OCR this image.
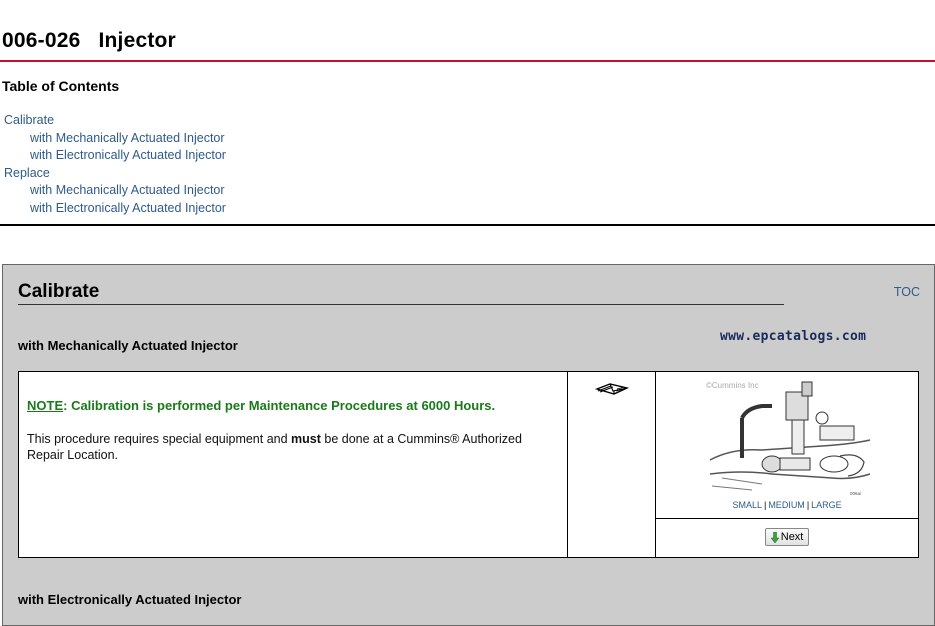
006-026 Injector
Table of Contents
Calibrate
with Mechanically Actuated Injector
with Electronically Actuated Injector
Replace
with Mechanically Actuated Injector
with Electronically Actuated Injector
Calibrate	TOC
with Mechanically Actuated Injector

NOTE: Calibration is performed per Maintenance Procedures at 6000 Hours.

This procedure requires special equipment and must be done at a Cummins® Authorized Repair Location.

©Cummins Inc
006ai
SMALL | MEDIUM | LARGE

Next
with Electronically Actuated Injector
www.epcatalogs.com
